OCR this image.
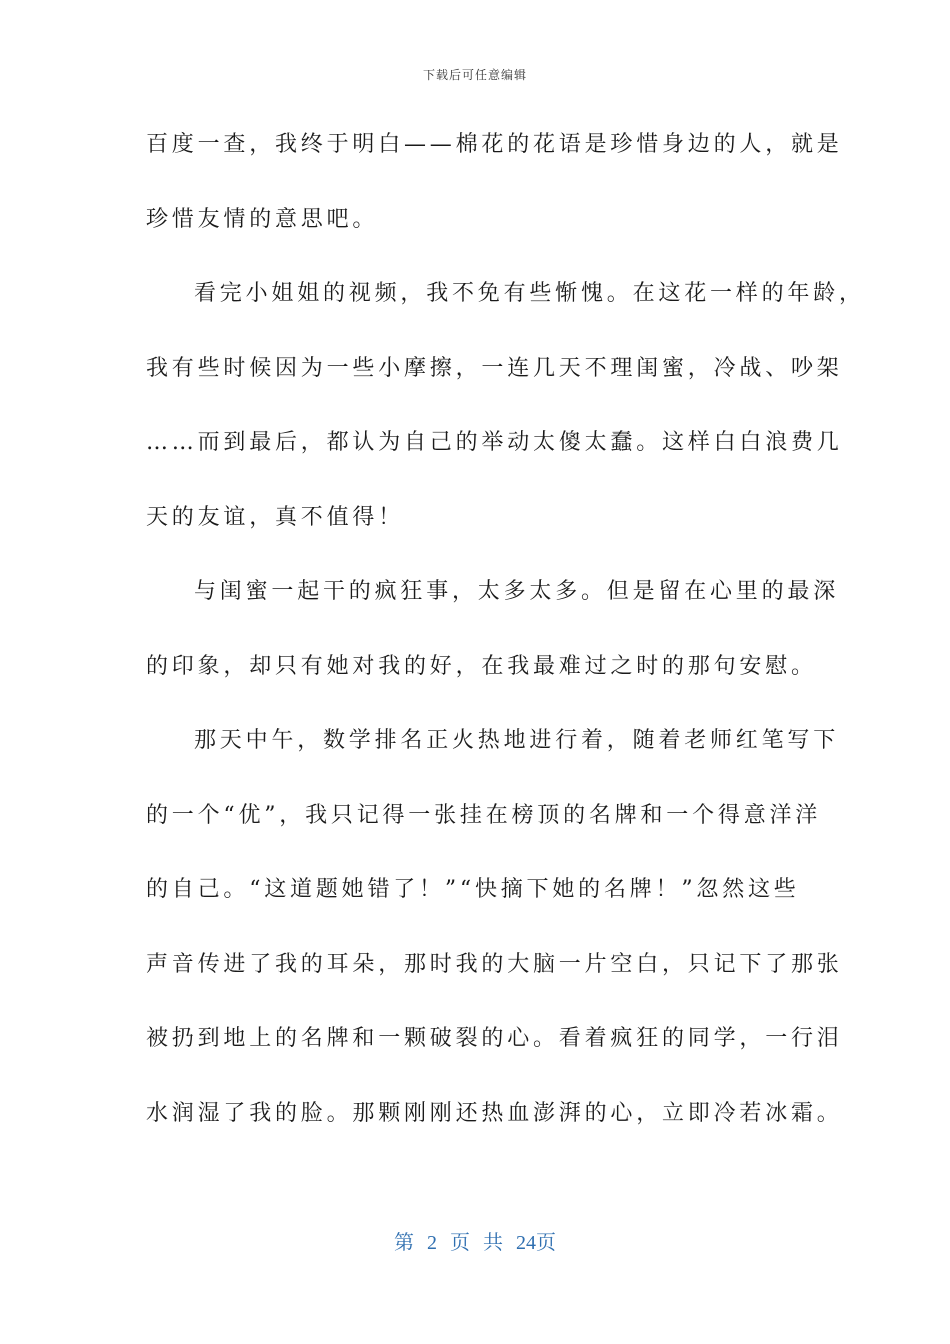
下载后可任意编辑
百度一查，我终于明白——棉花的花语是珍惜身边的人，就是
珍惜友情的意思吧。
看完小姐姐的视频，我不免有些惭愧。在这花一样的年龄，
我有些时候因为一些小摩擦，一连几天不理闺蜜，冷战、吵架
……而到最后，都认为自己的举动太傻太蠢。这样白白浪费几
天的友谊，真不值得！
与闺蜜一起干的疯狂事，太多太多。但是留在心里的最深
的印象，却只有她对我的好，在我最难过之时的那句安慰。
那天中午，数学排名正火热地进行着，随着老师红笔写下
的一个“优”，我只记得一张挂在榜顶的名牌和一个得意洋洋
的自己。“这道题她错了！”“快摘下她的名牌！”忽然这些
声音传进了我的耳朵，那时我的大脑一片空白，只记下了那张
被扔到地上的名牌和一颗破裂的心。看着疯狂的同学，一行泪
水润湿了我的脸。那颗刚刚还热血澎湃的心，立即冷若冰霜。
第 2 页 共 24页
